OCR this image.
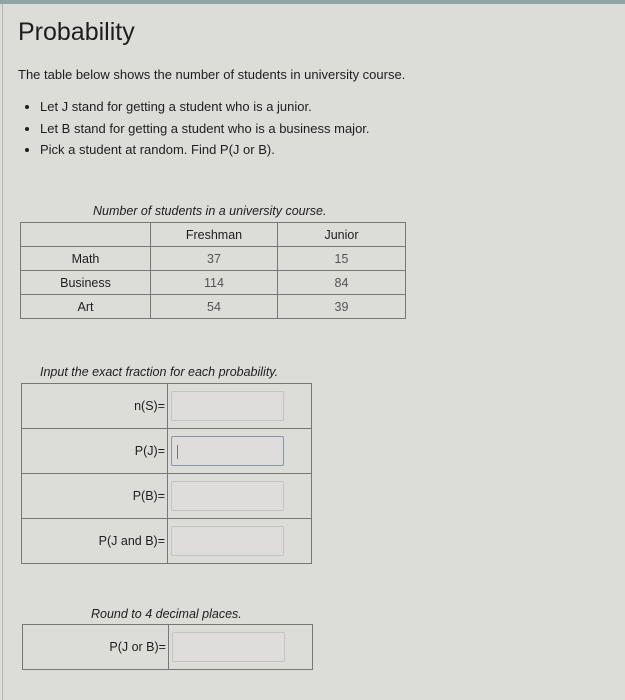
Probability
The table below shows the number of students in university course.
• Let J stand for getting a student who is a junior.
• Let B stand for getting a student who is a business major.
• Pick a student at random. Find P(J or B).
Number of students in a university course.
	Freshman	Junior
Math	37	15
Business	114	84
Art	54	39
Input the exact fraction for each probability.
n(S)=	

P(J)=	

P(B)=	

P(J and B)=	
Round to 4 decimal places.
P(J or B)=	
